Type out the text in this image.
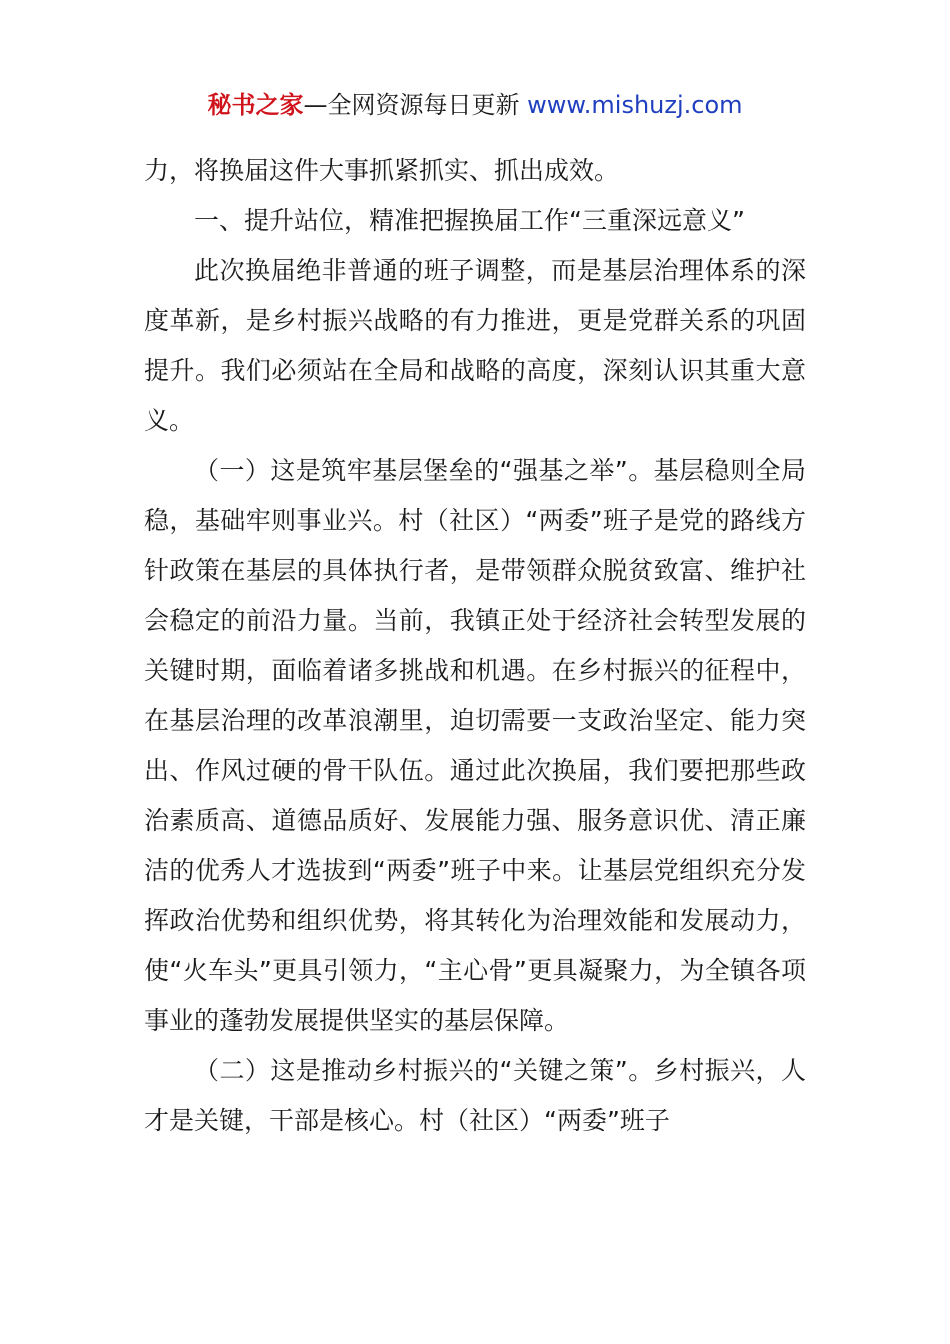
秘书之家—全网资源每日更新 www.mishuzj.com

力，将换届这件大事抓紧抓实、抓出成效。

一、提升站位，精准把握换届工作“三重深远意义”

此次换届绝非普通的班子调整，而是基层治理体系的深度革新，是乡村振兴战略的有力推进，更是党群关系的巩固提升。我们必须站在全局和战略的高度，深刻认识其重大意义。

（一）这是筑牢基层堡垒的“强基之举”。基层稳则全局稳，基础牢则事业兴。村（社区）“两委”班子是党的路线方针政策在基层的具体执行者，是带领群众脱贫致富、维护社会稳定的前沿力量。当前，我镇正处于经济社会转型发展的关键时期，面临着诸多挑战和机遇。在乡村振兴的征程中，在基层治理的改革浪潮里，迫切需要一支政治坚定、能力突出、作风过硬的骨干队伍。通过此次换届，我们要把那些政治素质高、道德品质好、发展能力强、服务意识优、清正廉洁的优秀人才选拔到“两委”班子中来。让基层党组织充分发挥政治优势和组织优势，将其转化为治理效能和发展动力，使“火车头”更具引领力，“主心骨”更具凝聚力，为全镇各项事业的蓬勃发展提供坚实的基层保障。

（二）这是推动乡村振兴的“关键之策”。乡村振兴，人才是关键，干部是核心。村（社区）“两委”班子
